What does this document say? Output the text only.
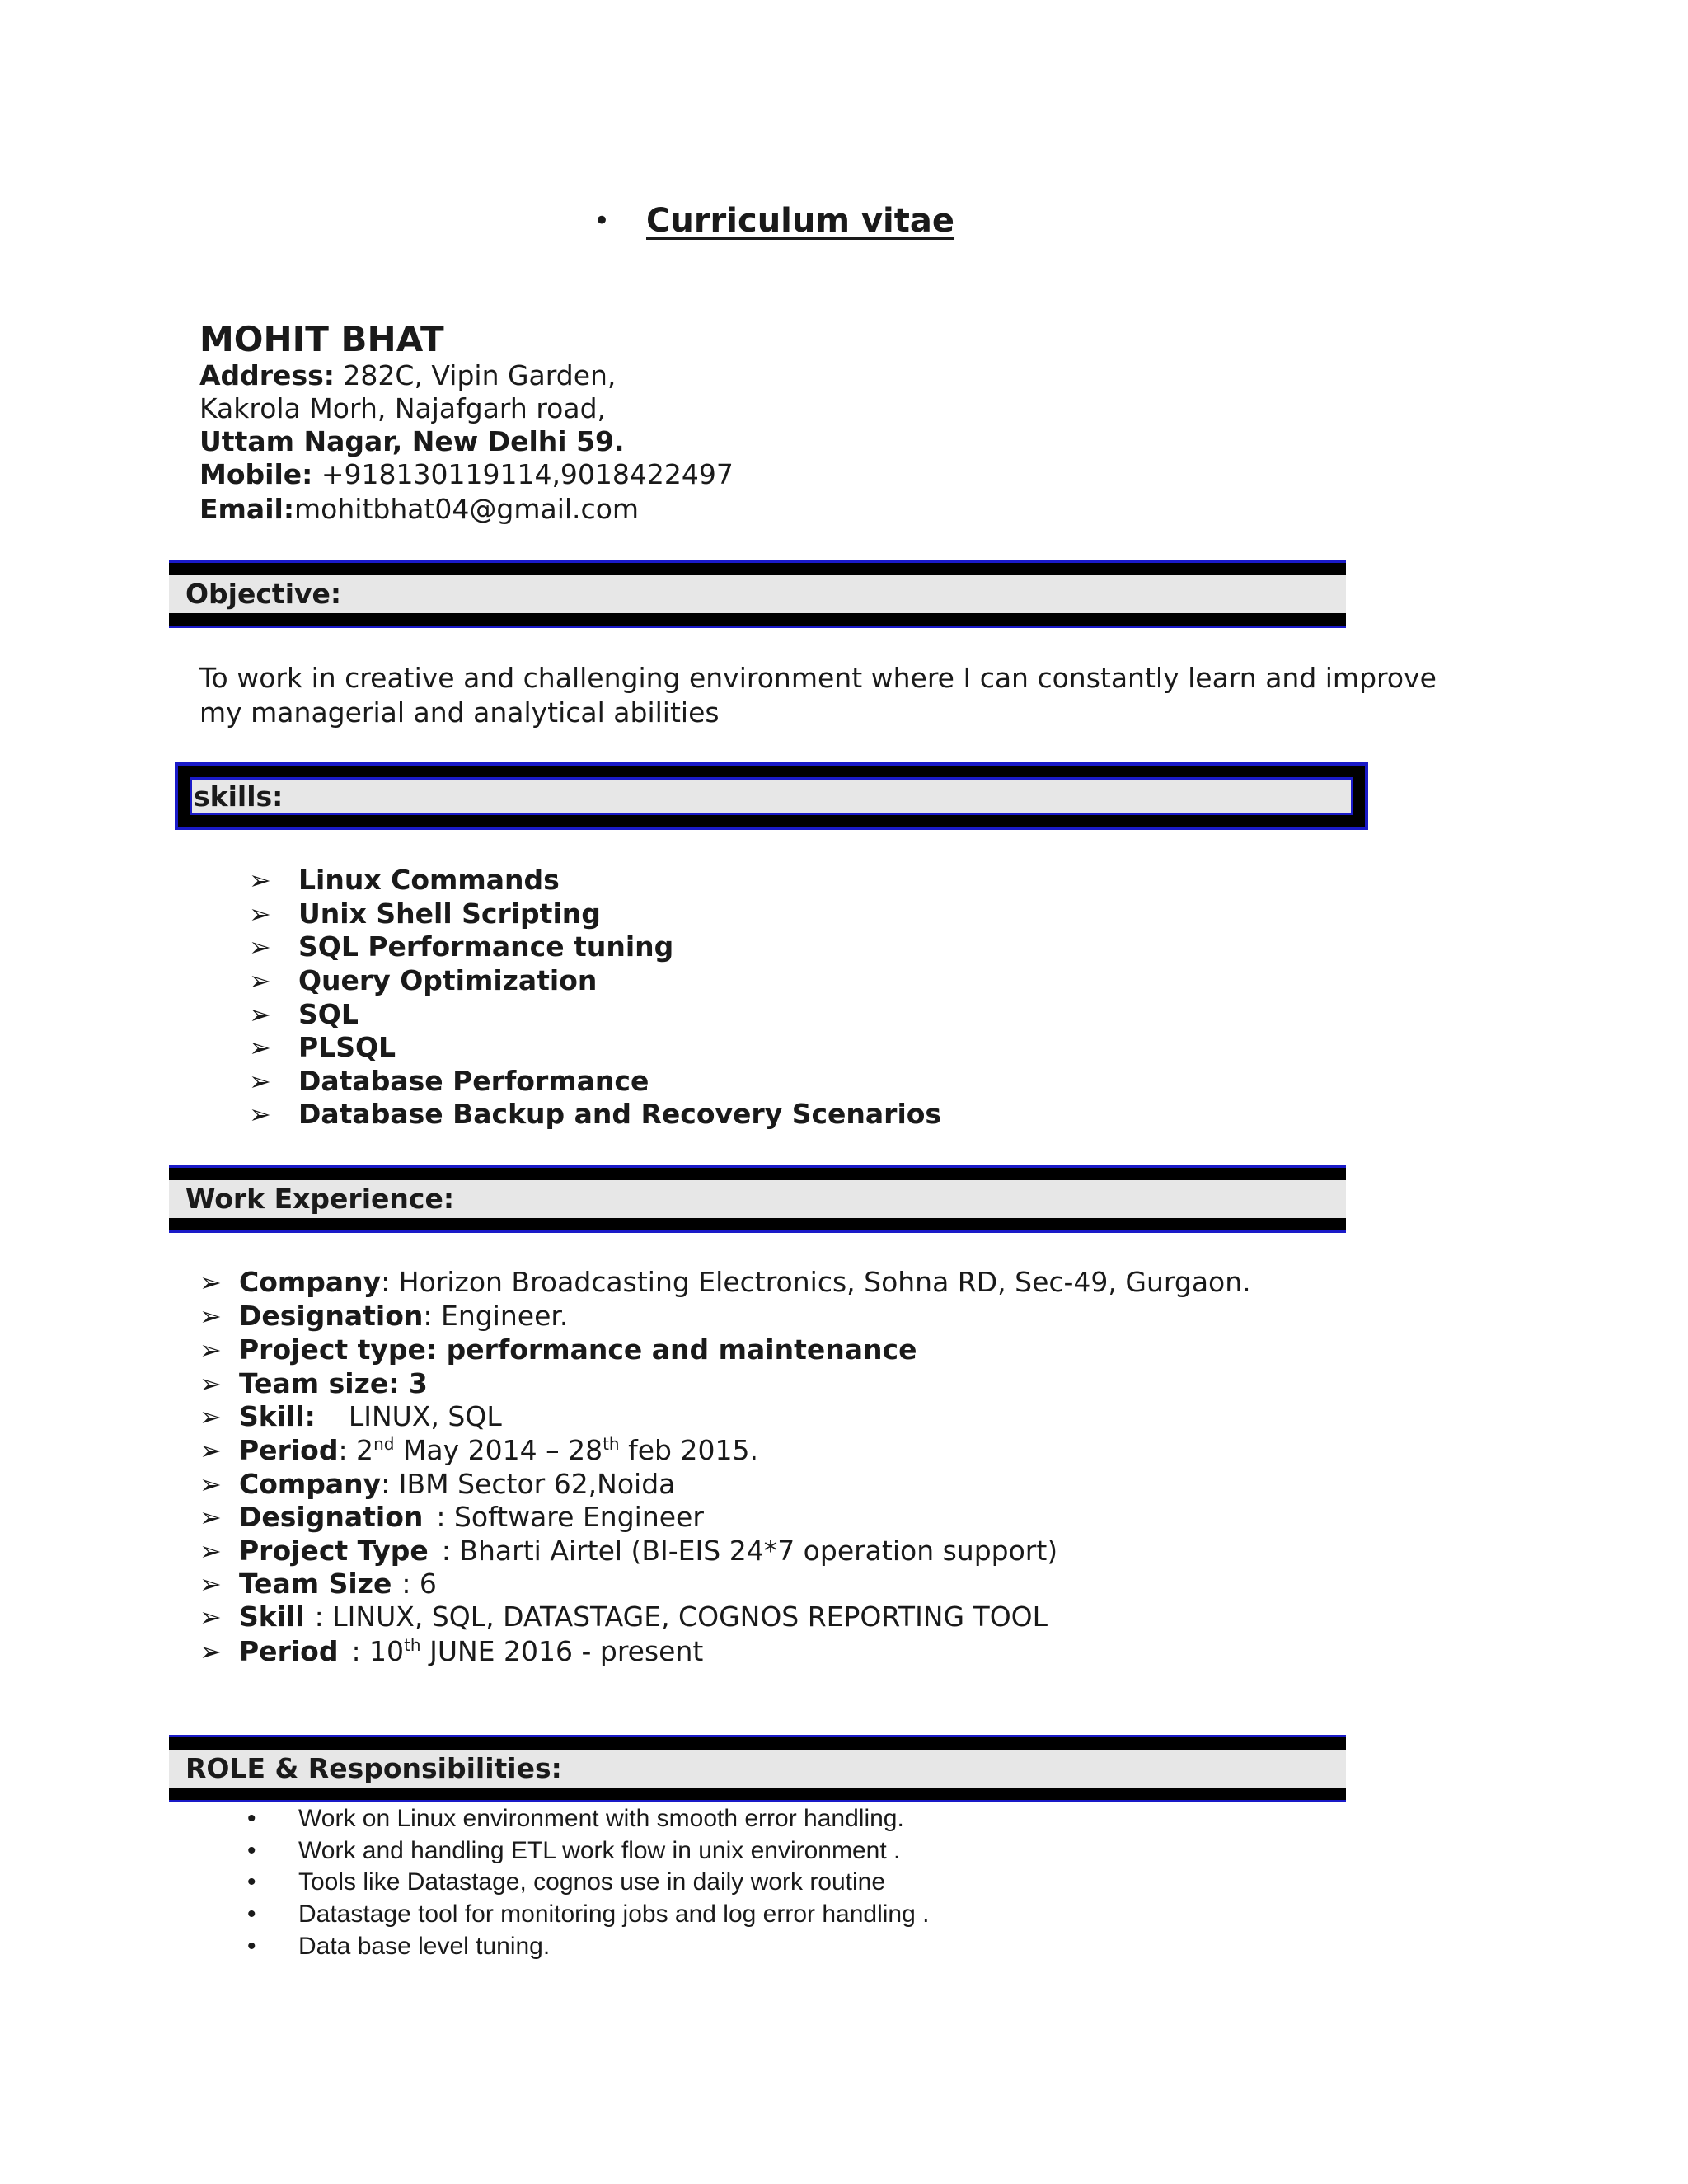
• Curriculum vitae
MOHIT BHAT
Address: 282C, Vipin Garden,
Kakrola Morh, Najafgarh road,
Uttam Nagar, New Delhi 59.
Mobile: +918130119114,9018422497
Email:mohitbhat04@gmail.com
Objective:
To work in creative and challenging environment where I can constantly learn and improve
my managerial and analytical abilities
skills:
➢ Linux Commands
➢ Unix Shell Scripting
➢ SQL Performance tuning
➢ Query Optimization
➢ SQL
➢ PLSQL
➢ Database Performance
➢ Database Backup and Recovery Scenarios
Work Experience:
➢ Company: Horizon Broadcasting Electronics, Sohna RD, Sec-49, Gurgaon.
➢ Designation: Engineer.
➢ Project type: performance and maintenance
➢ Team size: 3
➢ Skill: LINUX, SQL
➢ Period: 2nd May 2014 – 28th feb 2015.
➢ Company: IBM Sector 62,Noida
➢ Designation : Software Engineer
➢ Project Type : Bharti Airtel (BI-EIS 24*7 operation support)
➢ Team Size : 6
➢ Skill : LINUX, SQL, DATASTAGE, COGNOS REPORTING TOOL
➢ Period : 10th JUNE 2016 - present
ROLE & Responsibilities:
• Work on Linux environment with smooth error handling.
• Work and handling ETL work flow in unix environment .
• Tools like Datastage, cognos use in daily work routine
• Datastage tool for monitoring jobs and log error handling .
• Data base level tuning.
